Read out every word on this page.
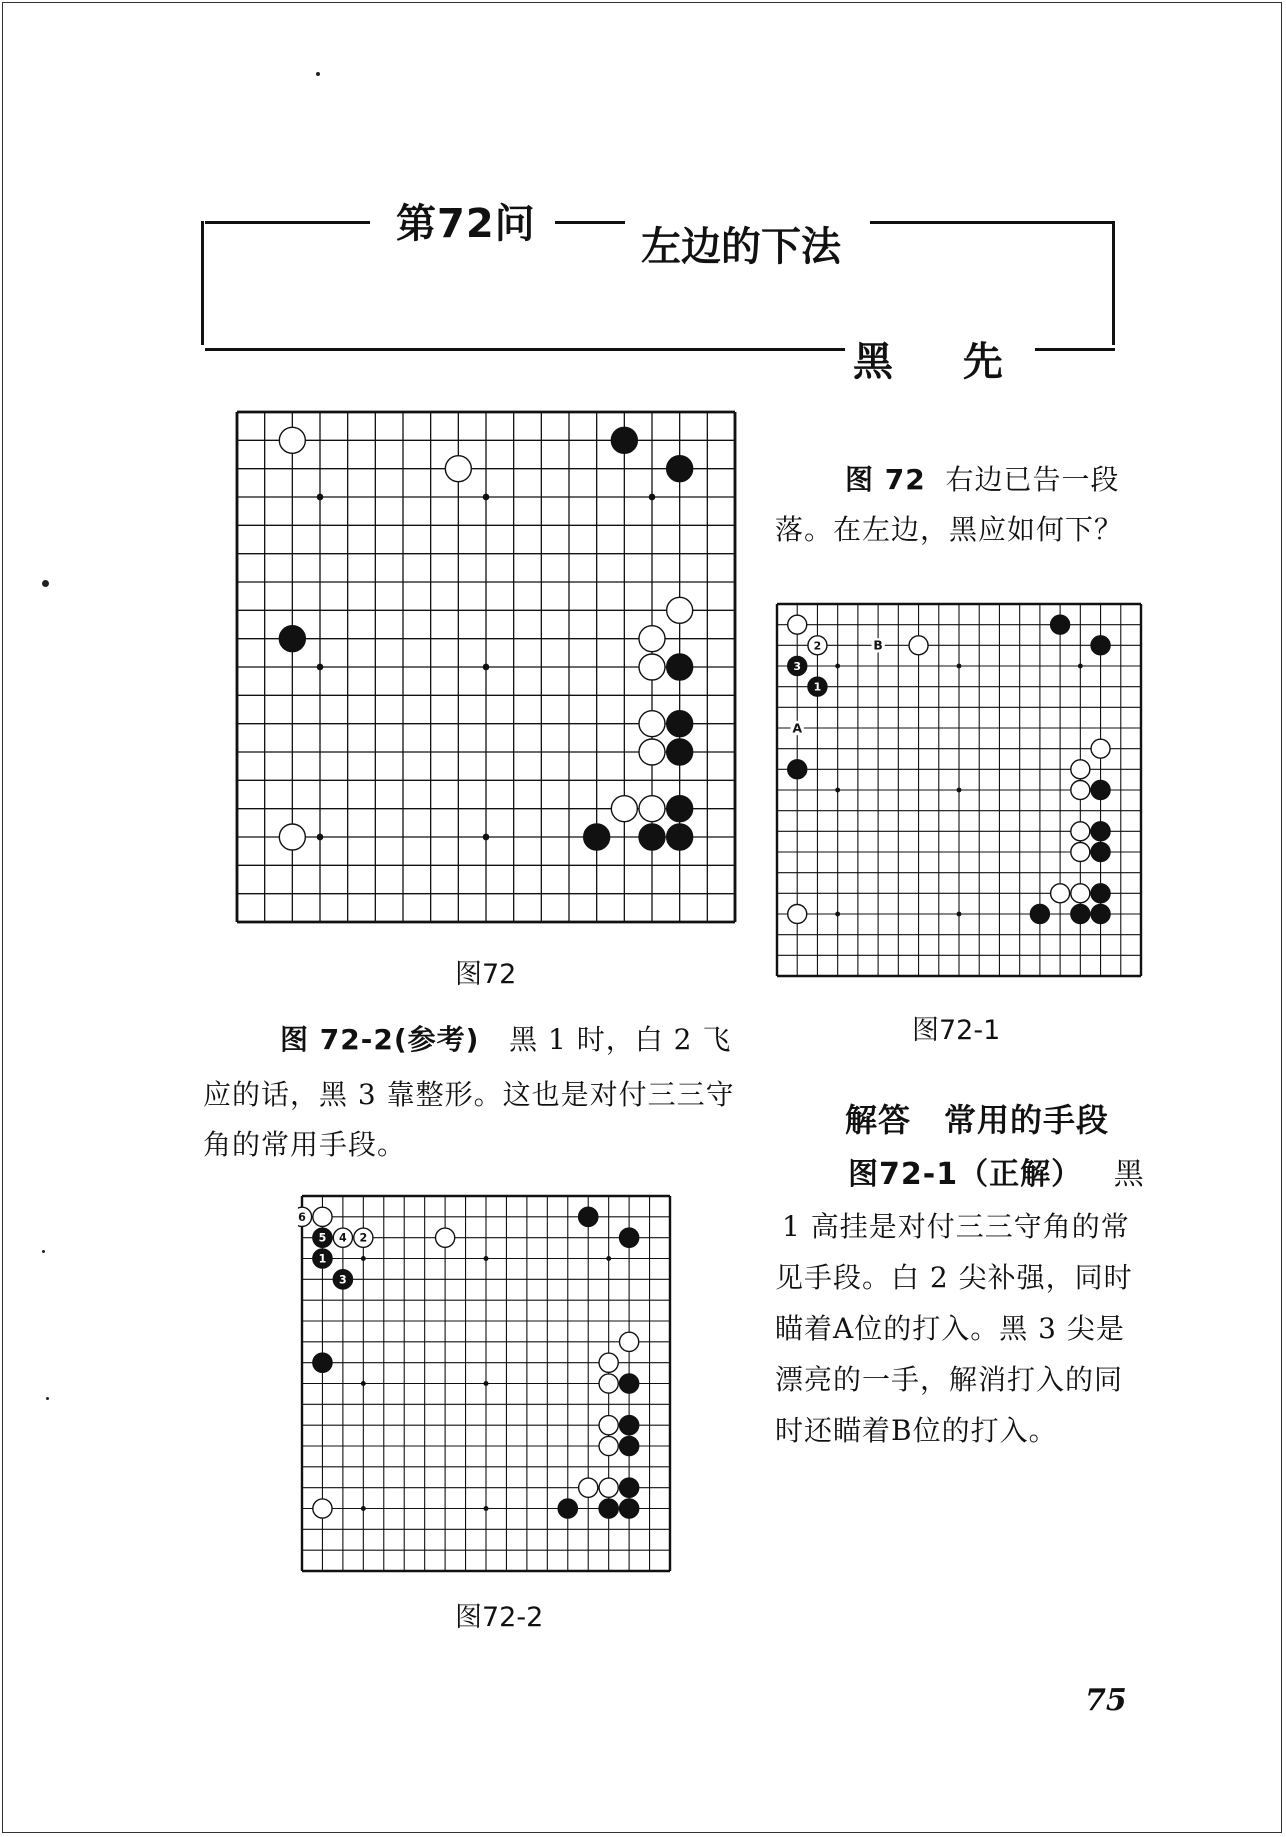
第72问	左边的下法
黑 先
图72
图 72 右边已告一段
落。在左边，黑应如何下？
2
3
1
A
B
图72-1
图 72-2(参考) 黑 1 时，白 2 飞
应的话，黑 3 靠整形。这也是对付三三守
角的常用手段。
6
5 4 2
1
3
图72-2
解答　常用的手段
图72-1（正解） 黑
1 高挂是对付三三守角的常
见手段。白 2 尖补强，同时
瞄着A位的打入。黑 3 尖是
漂亮的一手，解消打入的同
时还瞄着B位的打入。
75
